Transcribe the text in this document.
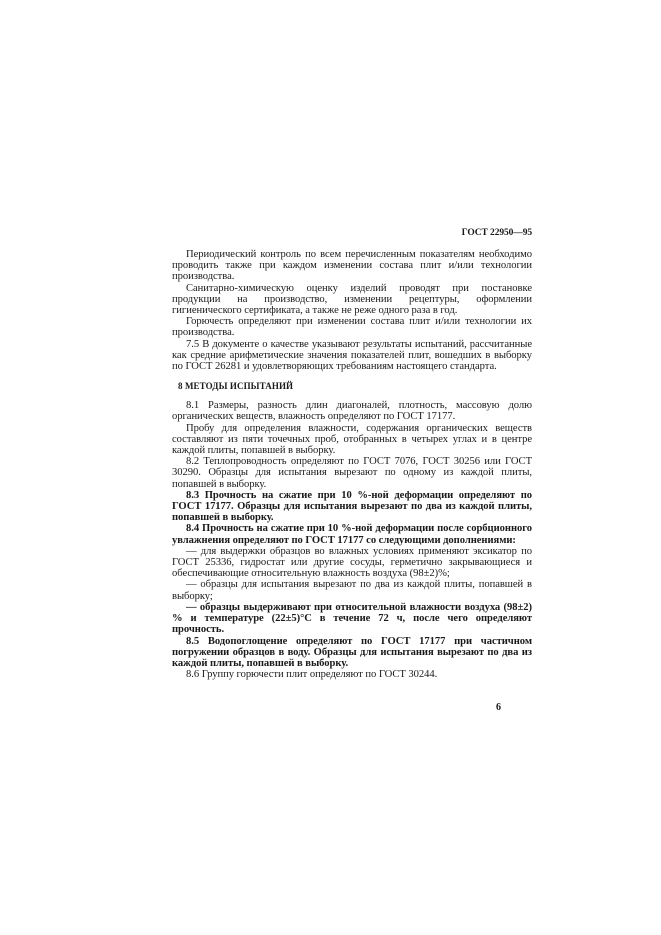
ГОСТ 22950—95

Периодический контроль по всем перечисленным показателям необходимо проводить также при каждом изменении состава плит и/или технологии производства.

Санитарно-химическую оценку изделий проводят при постановке продукции на производство, изменении рецептуры, оформлении гигиенического сертификата, а также не реже одного раза в год.

Горючесть определяют при изменении состава плит и/или технологии их производства.

7.5 В документе о качестве указывают результаты испытаний, рассчитанные как средние арифметические значения показателей плит, вошедших в выборку по ГОСТ 26281 и удовлетворяющих требованиям настоящего стандарта.

8 МЕТОДЫ ИСПЫТАНИЙ

8.1 Размеры, разность длин диагоналей, плотность, массовую долю органических веществ, влажность определяют по ГОСТ 17177.

Пробу для определения влажности, содержания органических веществ составляют из пяти точечных проб, отобранных в четырех углах и в центре каждой плиты, попавшей в выборку.

8.2 Теплопроводность определяют по ГОСТ 7076, ГОСТ 30256 или ГОСТ 30290. Образцы для испытания вырезают по одному из каждой плиты, попавшей в выборку.

8.3 Прочность на сжатие при 10 %-ной деформации определяют по ГОСТ 17177. Образцы для испытания вырезают по два из каждой плиты, попавшей в выборку.

8.4 Прочность на сжатие при 10 %-ной деформации после сорбционного увлажнения определяют по ГОСТ 17177 со следующими дополнениями:

— для выдержки образцов во влажных условиях применяют эксикатор по ГОСТ 25336, гидростат или другие сосуды, герметично закрывающиеся и обеспечивающие относительную влажность воздуха (98±2)%;

— образцы для испытания вырезают по два из каждой плиты, попавшей в выборку;

— образцы выдерживают при относительной влажности воздуха (98±2) % и температуре (22±5)°С в течение 72 ч, после чего определяют прочность.

8.5 Водопоглощение определяют по ГОСТ 17177 при частичном погружении образцов в воду. Образцы для испытания вырезают по два из каждой плиты, попавшей в выборку.

8.6 Группу горючести плит определяют по ГОСТ 30244.

6
